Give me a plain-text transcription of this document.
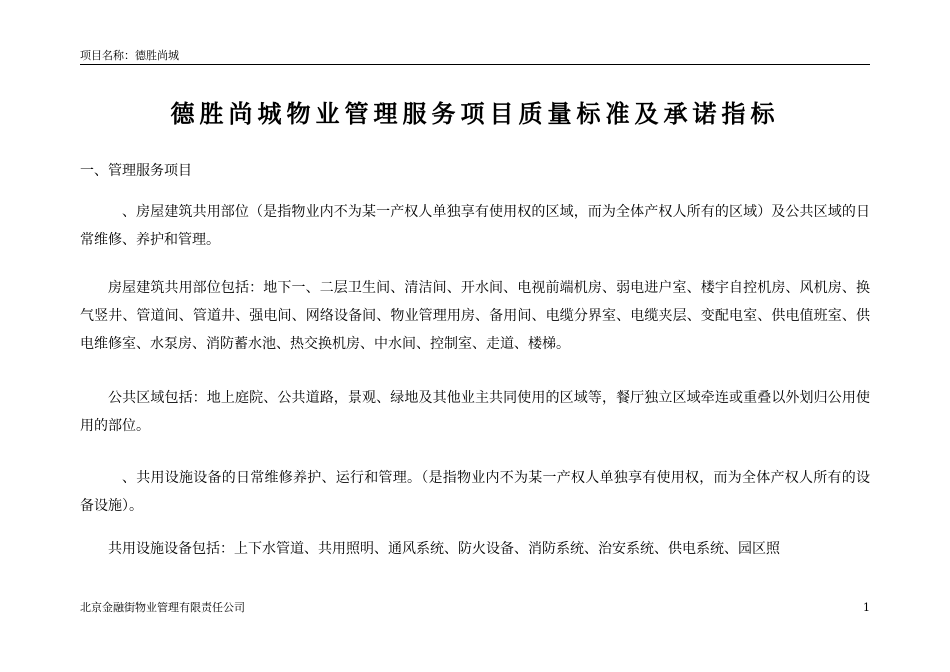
项目名称：德胜尚城
德胜尚城物业管理服务项目质量标准及承诺指标

一、管理服务项目

、房屋建筑共用部位（是指物业内不为某一产权人单独享有使用权的区域，而为全体产权人所有的区域）及公共区域的日常维修、养护和管理。

房屋建筑共用部位包括：地下一、二层卫生间、清洁间、开水间、电视前端机房、弱电进户室、楼宇自控机房、风机房、换气竖井、管道间、管道井、强电间、网络设备间、物业管理用房、备用间、电缆分界室、电缆夹层、变配电室、供电值班室、供电维修室、水泵房、消防蓄水池、热交换机房、中水间、控制室、走道、楼梯。

公共区域包括：地上庭院、公共道路，景观、绿地及其他业主共同使用的区域等，餐厅独立区域牵连或重叠以外划归公用使用的部位。

、共用设施设备的日常维修养护、运行和管理。（是指物业内不为某一产权人单独享有使用权，而为全体产权人所有的设备设施）。

共用设施设备包括：上下水管道、共用照明、通风系统、防火设备、消防系统、治安系统、供电系统、园区照

北京金融街物业管理有限责任公司	1
